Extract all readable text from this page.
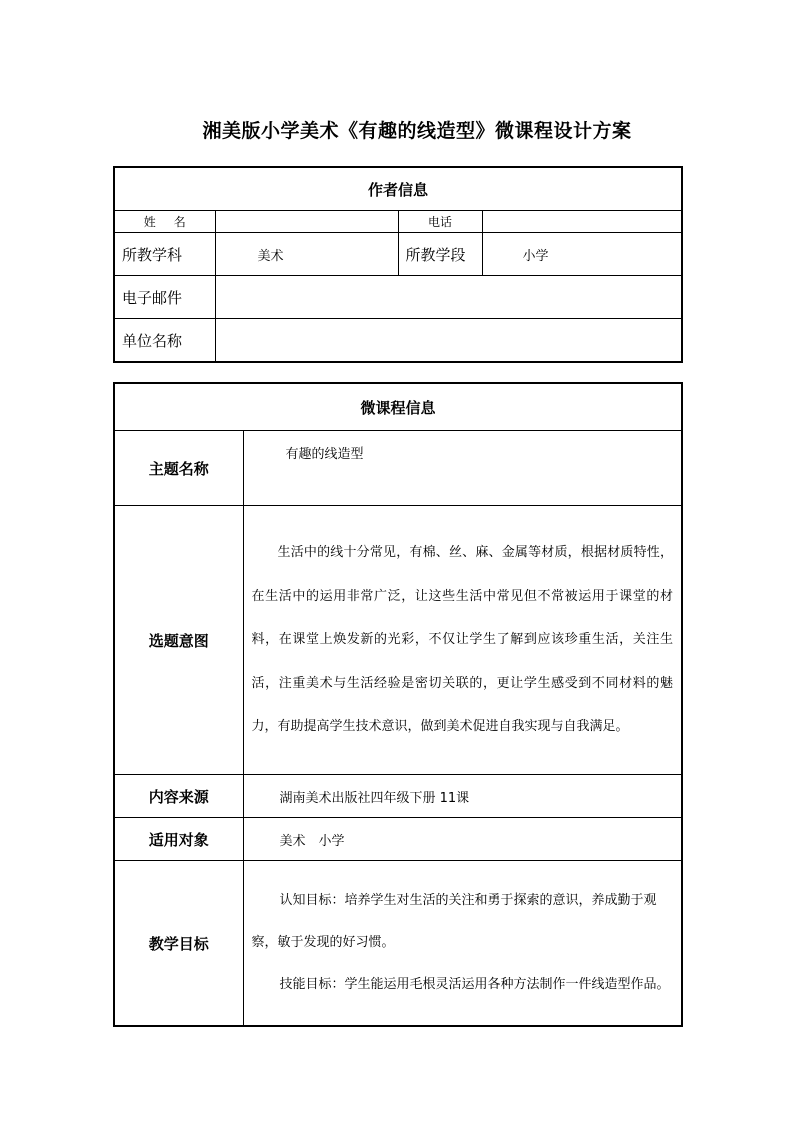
湘美版小学美术《有趣的线造型》微课程设计方案
作者信息			
姓名		电话	
所教学科	美术	所教学段	小学
电子邮件			
单位名称			
微课程信息	
主题名称	有趣的线造型
选题意图	生活中的线十分常见，有棉、丝、麻、金属等材质，根据材质特性，在生活中的运用非常广泛，让这些生活中常见但不常被运用于课堂的材料，在课堂上焕发新的光彩，不仅让学生了解到应该珍重生活，关注生活，注重美术与生活经验是密切关联的，更让学生感受到不同材料的魅力，有助提高学生技术意识，做到美术促进自我实现与自我满足。

内容来源	湖南美术出版社四年级下册 11课
适用对象	美术　小学
教学目标	认知目标：培养学生对生活的关注和勇于探索的意识，养成勤于观察，敏于发现的好习惯。

技能目标：学生能运用毛根灵活运用各种方法制作一件线造型作品。
